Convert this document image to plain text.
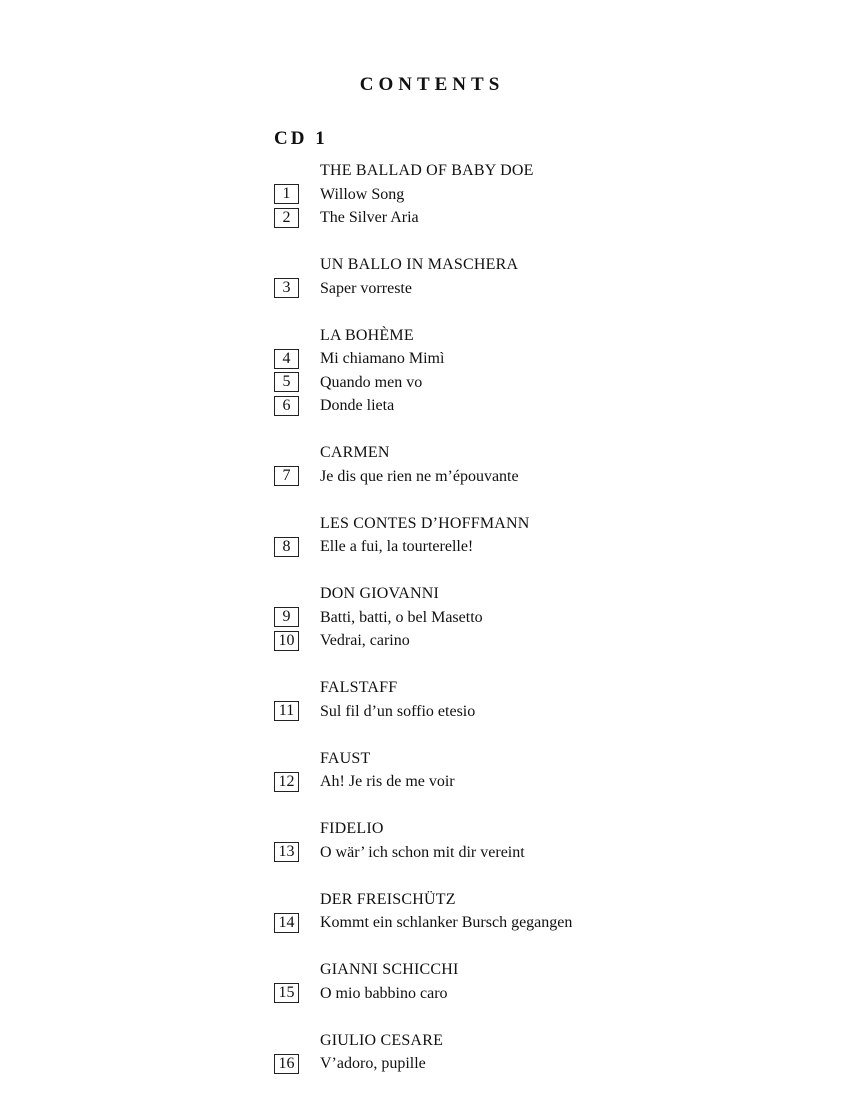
CONTENTS
CD 1
THE BALLAD OF BABY DOE
1	Willow Song
2	The Silver Aria
UN BALLO IN MASCHERA
3	Saper vorreste
LA BOHÈME
4	Mi chiamano Mimì
5	Quando men vo
6	Donde lieta
CARMEN
7	Je dis que rien ne m’épouvante
LES CONTES D’HOFFMANN
8	Elle a fui, la tourterelle!
DON GIOVANNI
9	Batti, batti, o bel Masetto
10 Vedrai, carino
FALSTAFF
11 Sul fil d’un soffio etesio
FAUST
12 Ah! Je ris de me voir
FIDELIO
13 O wär’ ich schon mit dir vereint
DER FREISCHÜTZ
14 Kommt ein schlanker Bursch gegangen
GIANNI SCHICCHI
15 O mio babbino caro
GIULIO CESARE
16 V’adoro, pupille
